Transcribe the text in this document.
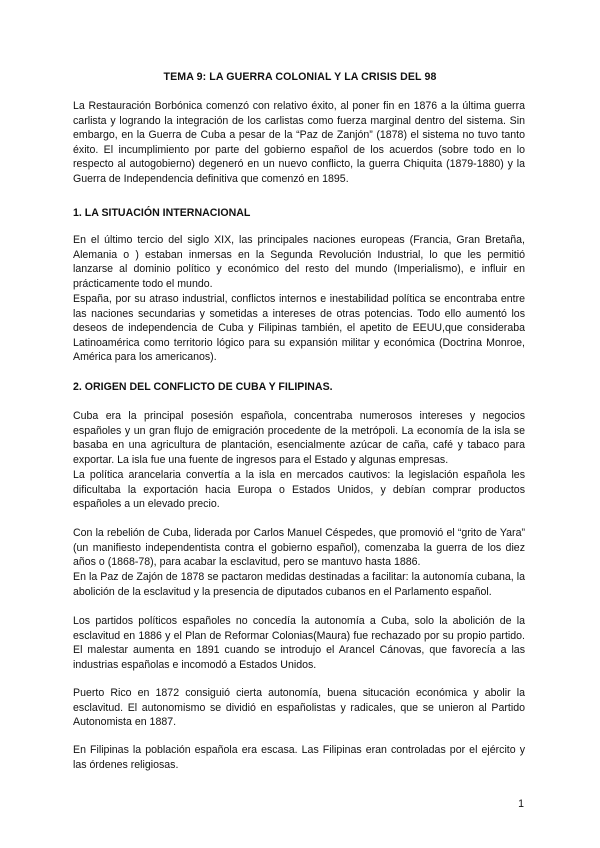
TEMA 9: LA GUERRA COLONIAL Y LA CRISIS DEL 98
La Restauración Borbónica comenzó con relativo éxito, al poner fin en 1876 a la última guerra carlista y logrando la integración de los carlistas como fuerza marginal dentro del sistema. Sin embargo, en la Guerra de Cuba a pesar de la “Paz de Zanjón” (1878) el sistema no tuvo tanto éxito. El incumplimiento por parte del gobierno español de los acuerdos (sobre todo en lo respecto al autogobierno) degeneró en un nuevo conflicto, la guerra Chiquita (1879-1880) y la Guerra de Independencia definitiva que comenzó en 1895.
1. LA SITUACIÓN INTERNACIONAL
En el último tercio del siglo XIX, las principales naciones europeas (Francia, Gran Bretaña, Alemania o ) estaban inmersas en la Segunda Revolución Industrial, lo que les permitió lanzarse al dominio político y económico del resto del mundo (Imperialismo), e influir en prácticamente todo el mundo.
España, por su atraso industrial, conflictos internos e inestabilidad política se encontraba entre las naciones secundarias y sometidas a intereses de otras potencias. Todo ello aumentó los deseos de independencia de Cuba y Filipinas también, el apetito de EEUU,que consideraba Latinoamérica como territorio lógico para su expansión militar y económica (Doctrina Monroe, América para los americanos).
2. ORIGEN DEL CONFLICTO DE CUBA Y FILIPINAS.
Cuba era la principal posesión española, concentraba numerosos intereses y negocios españoles y un gran flujo de emigración procedente de la metrópoli. La economía de la isla se basaba en una agricultura de plantación, esencialmente azúcar de caña, café y tabaco para exportar. La isla fue una fuente de ingresos para el Estado y algunas empresas.
La política arancelaria convertía a la isla en mercados cautivos: la legislación española les dificultaba la exportación hacia Europa o Estados Unidos, y debían comprar productos españoles a un elevado precio.
Con la rebelión de Cuba, liderada por Carlos Manuel Céspedes, que promovió el “grito de Yara” (un manifiesto independentista contra el gobierno español), comenzaba la guerra de los diez años o (1868-78), para acabar la esclavitud, pero se mantuvo hasta 1886.
En la Paz de Zajón de 1878 se pactaron medidas destinadas a facilitar: la autonomía cubana, la abolición de la esclavitud y la presencia de diputados cubanos en el Parlamento español.
Los partidos políticos españoles no concedía la autonomía a Cuba, solo la abolición de la esclavitud en 1886 y el Plan de Reformar Colonias(Maura) fue rechazado por su propio partido. El malestar aumenta en 1891 cuando se introdujo el Arancel Cánovas, que favorecía a las industrias españolas e incomodó a Estados Unidos.
Puerto Rico en 1872 consiguió cierta autonomía, buena situcación económica y abolir la esclavitud. El autonomismo se dividió en españolistas y radicales, que se unieron al Partido Autonomista en 1887.
En Filipinas la población española era escasa. Las Filipinas eran controladas por el ejército y las órdenes religiosas.
1
